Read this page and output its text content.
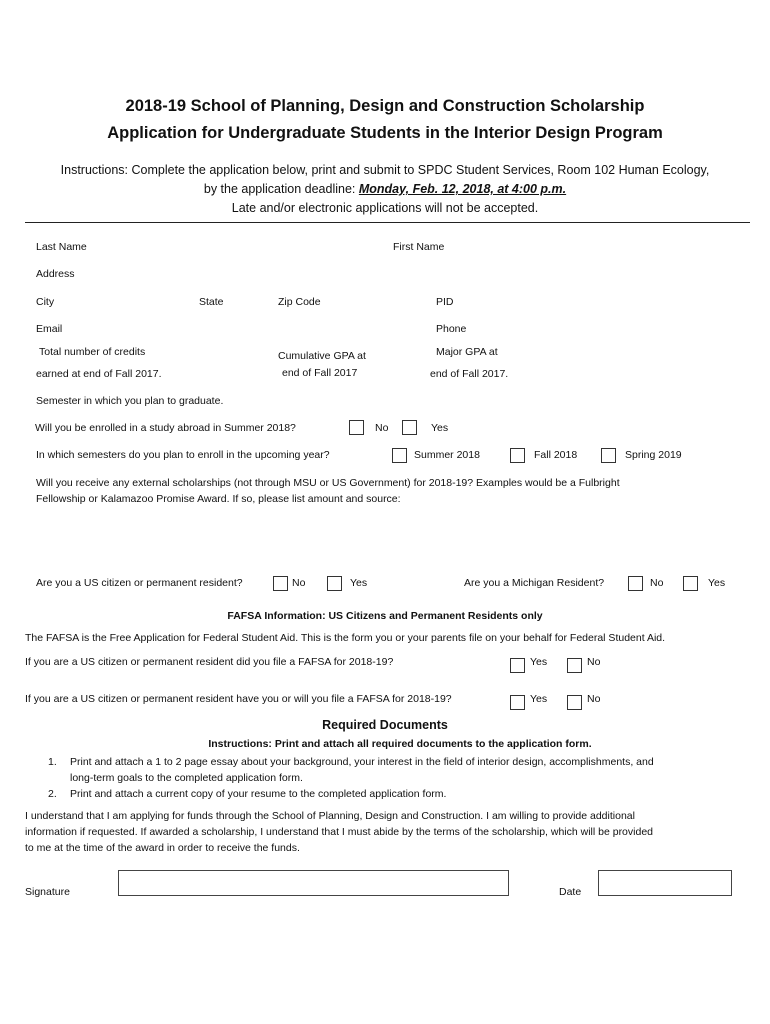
2018-19 School of Planning, Design and Construction Scholarship
Application for Undergraduate Students in the Interior Design Program
Instructions: Complete the application below, print and submit to SPDC Student Services, Room 102 Human Ecology,
by the application deadline: Monday, Feb. 12, 2018, at 4:00 p.m.
Late and/or electronic applications will not be accepted.
Last Name	First Name
Address
City	State	Zip Code	PID
Email	Phone
Total number of credits
earned at end of Fall 2017.
Cumulative GPA at
end of Fall 2017
Major GPA at
end of Fall 2017.
Semester in which you plan to graduate.
Will you be enrolled in a study abroad in Summer 2018?	No	Yes
In which semesters do you plan to enroll in the upcoming year?	Summer 2018	Fall 2018	Spring 2019
Will you receive any external scholarships (not through MSU or US Government) for 2018-19? Examples would be a Fulbright
Fellowship or Kalamazoo Promise Award. If so, please list amount and source:
Are you a US citizen or permanent resident?	No	Yes	Are you a Michigan Resident?	No	Yes
FAFSA Information: US Citizens and Permanent Residents only
The FAFSA is the Free Application for Federal Student Aid. This is the form you or your parents file on your behalf for Federal Student Aid.
If you are a US citizen or permanent resident did you file a FAFSA for 2018-19?	Yes	No
If you are a US citizen or permanent resident have you or will you file a FAFSA for 2018-19?	Yes	No
Required Documents
Instructions: Print and attach all required documents to the application form.
1. Print and attach a 1 to 2 page essay about your background, your interest in the field of interior design, accomplishments, and
long-term goals to the completed application form.
2. Print and attach a current copy of your resume to the completed application form.
I understand that I am applying for funds through the School of Planning, Design and Construction. I am willing to provide additional
information if requested. If awarded a scholarship, I understand that I must abide by the terms of the scholarship, which will be provided
to me at the time of the award in order to receive the funds.
Signature	Date
